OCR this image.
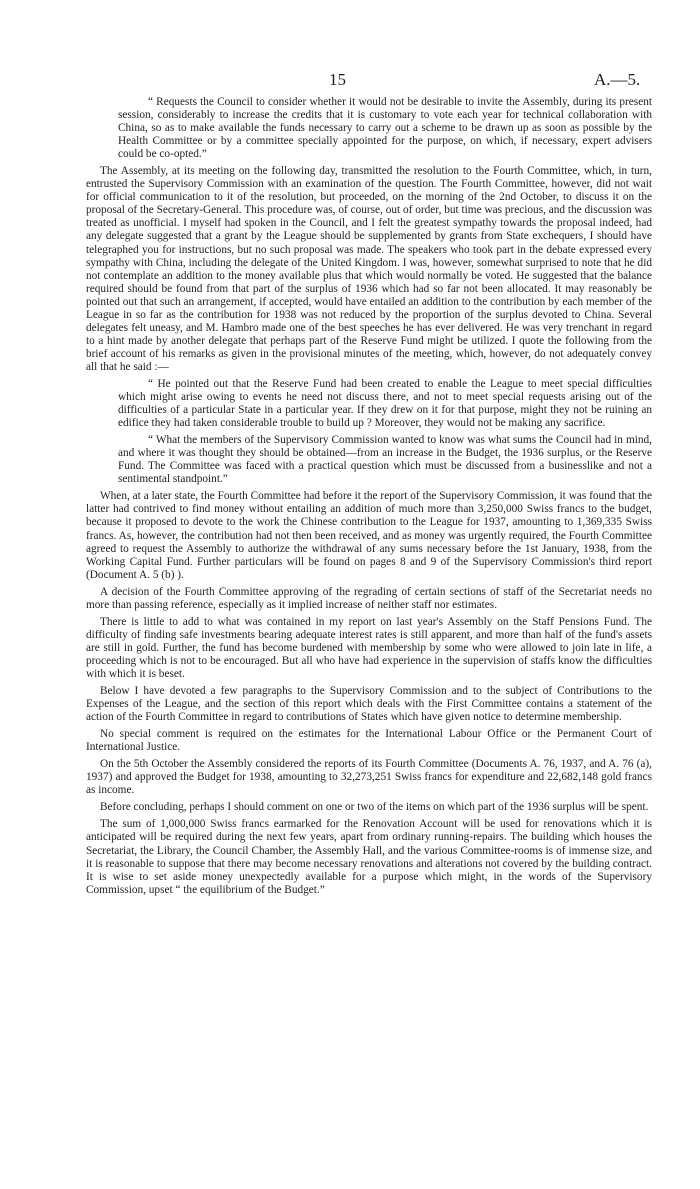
15	A.—5.

“ Requests the Council to consider whether it would not be desirable to invite the Assembly, during its present session, considerably to increase the credits that it is customary to vote each year for technical collaboration with China, so as to make available the funds necessary to carry out a scheme to be drawn up as soon as possible by the Health Committee or by a committee specially appointed for the purpose, on which, if necessary, expert advisers could be co-opted.”

The Assembly, at its meeting on the following day, transmitted the resolution to the Fourth Committee, which, in turn, entrusted the Supervisory Commission with an examination of the question. The Fourth Committee, however, did not wait for official communication to it of the resolution, but proceeded, on the morning of the 2nd October, to discuss it on the proposal of the Secretary-General. This procedure was, of course, out of order, but time was precious, and the discussion was treated as unofficial. I myself had spoken in the Council, and I felt the greatest sympathy towards the proposal indeed, had any delegate suggested that a grant by the League should be supplemented by grants from State exchequers, I should have telegraphed you for instructions, but no such proposal was made. The speakers who took part in the debate expressed every sympathy with China, including the delegate of the United Kingdom. I was, however, somewhat surprised to note that he did not contemplate an addition to the money available plus that which would normally be voted. He suggested that the balance required should be found from that part of the surplus of 1936 which had so far not been allocated. It may reasonably be pointed out that such an arrangement, if accepted, would have entailed an addition to the contribution by each member of the League in so far as the contribution for 1938 was not reduced by the proportion of the surplus devoted to China. Several delegates felt uneasy, and M. Hambro made one of the best speeches he has ever delivered. He was very trenchant in regard to a hint made by another delegate that perhaps part of the Reserve Fund might be utilized. I quote the following from the brief account of his remarks as given in the provisional minutes of the meeting, which, however, do not adequately convey all that he said :—

“ He pointed out that the Reserve Fund had been created to enable the League to meet special difficulties which might arise owing to events he need not discuss there, and not to meet special requests arising out of the difficulties of a particular State in a particular year. If they drew on it for that purpose, might they not be ruining an edifice they had taken considerable trouble to build up ? Moreover, they would not be making any sacrifice.

“ What the members of the Supervisory Commission wanted to know was what sums the Council had in mind, and where it was thought they should be obtained—from an increase in the Budget, the 1936 surplus, or the Reserve Fund. The Committee was faced with a practical question which must be discussed from a businesslike and not a sentimental standpoint.”

When, at a later state, the Fourth Committee had before it the report of the Supervisory Commission, it was found that the latter had contrived to find money without entailing an addition of much more than 3,250,000 Swiss francs to the budget, because it proposed to devote to the work the Chinese contribution to the League for 1937, amounting to 1,369,335 Swiss francs. As, however, the contribution had not then been received, and as money was urgently required, the Fourth Committee agreed to request the Assembly to authorize the withdrawal of any sums necessary before the 1st January, 1938, from the Working Capital Fund. Further particulars will be found on pages 8 and 9 of the Supervisory Commission's third report (Document A. 5 (b) ).

A decision of the Fourth Committee approving of the regrading of certain sections of staff of the Secretariat needs no more than passing reference, especially as it implied increase of neither staff nor estimates.

There is little to add to what was contained in my report on last year's Assembly on the Staff Pensions Fund. The difficulty of finding safe investments bearing adequate interest rates is still apparent, and more than half of the fund's assets are still in gold. Further, the fund has become burdened with membership by some who were allowed to join late in life, a proceeding which is not to be encouraged. But all who have had experience in the supervision of staffs know the difficulties with which it is beset.

Below I have devoted a few paragraphs to the Supervisory Commission and to the subject of Contributions to the Expenses of the League, and the section of this report which deals with the First Committee contains a statement of the action of the Fourth Committee in regard to contributions of States which have given notice to determine membership.

No special comment is required on the estimates for the International Labour Office or the Permanent Court of International Justice.

On the 5th October the Assembly considered the reports of its Fourth Committee (Documents A. 76, 1937, and A. 76 (a), 1937) and approved the Budget for 1938, amounting to 32,273,251 Swiss francs for expenditure and 22,682,148 gold francs as income.

Before concluding, perhaps I should comment on one or two of the items on which part of the 1936 surplus will be spent.

The sum of 1,000,000 Swiss francs earmarked for the Renovation Account will be used for renovations which it is anticipated will be required during the next few years, apart from ordinary running-repairs. The building which houses the Secretariat, the Library, the Council Chamber, the Assembly Hall, and the various Committee-rooms is of immense size, and it is reasonable to suppose that there may become necessary renovations and alterations not covered by the building contract. It is wise to set aside money unexpectedly available for a purpose which might, in the words of the Supervisory Commission, upset “ the equilibrium of the Budget.”
